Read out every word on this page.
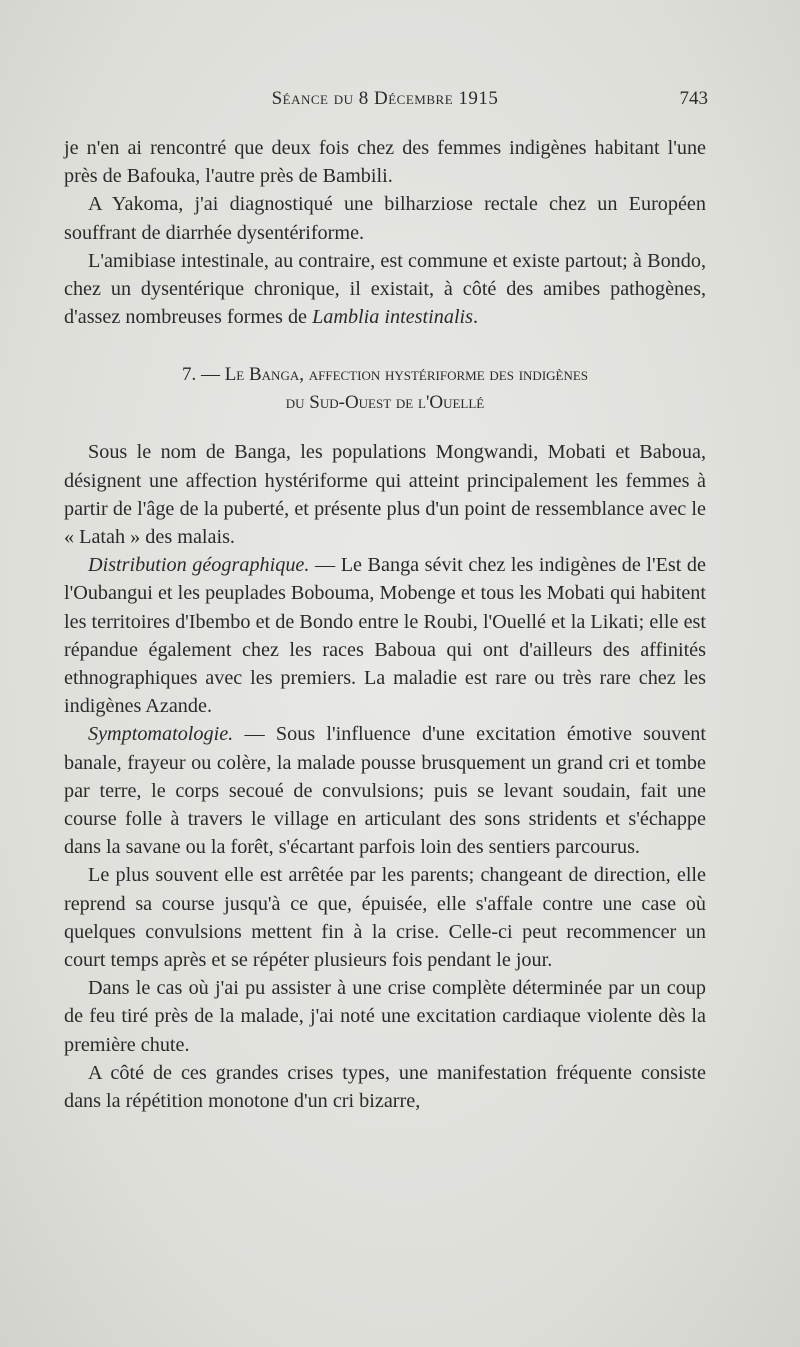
Séance du 8 Décembre 1915	743

je n'en ai rencontré que deux fois chez des femmes indigènes habitant l'une près de Bafouka, l'autre près de Bambili.

A Yakoma, j'ai diagnostiqué une bilharziose rectale chez un Européen souffrant de diarrhée dysentériforme.

L'amibiase intestinale, au contraire, est commune et existe partout; à Bondo, chez un dysentérique chronique, il existait, à côté des amibes pathogènes, d'assez nombreuses formes de Lamblia intestinalis.

7. — Le Banga, affection hystériforme des indigènes
du Sud-Ouest de l'Ouellé

Sous le nom de Banga, les populations Mongwandi, Mobati et Baboua, désignent une affection hystériforme qui atteint principalement les femmes à partir de l'âge de la puberté, et présente plus d'un point de ressemblance avec le « Latah » des malais.

Distribution géographique. — Le Banga sévit chez les indigènes de l'Est de l'Oubangui et les peuplades Bobouma, Mobenge et tous les Mobati qui habitent les territoires d'Ibembo et de Bondo entre le Roubi, l'Ouellé et la Likati; elle est répandue également chez les races Baboua qui ont d'ailleurs des affinités ethnographiques avec les premiers. La maladie est rare ou très rare chez les indigènes Azande.

Symptomatologie. — Sous l'influence d'une excitation émotive souvent banale, frayeur ou colère, la malade pousse brusquement un grand cri et tombe par terre, le corps secoué de convulsions; puis se levant soudain, fait une course folle à travers le village en articulant des sons stridents et s'échappe dans la savane ou la forêt, s'écartant parfois loin des sentiers parcourus.

Le plus souvent elle est arrêtée par les parents; changeant de direction, elle reprend sa course jusqu'à ce que, épuisée, elle s'affale contre une case où quelques convulsions mettent fin à la crise. Celle-ci peut recommencer un court temps après et se répéter plusieurs fois pendant le jour.

Dans le cas où j'ai pu assister à une crise complète déterminée par un coup de feu tiré près de la malade, j'ai noté une excitation cardiaque violente dès la première chute.

A côté de ces grandes crises types, une manifestation fréquente consiste dans la répétition monotone d'un cri bizarre,
